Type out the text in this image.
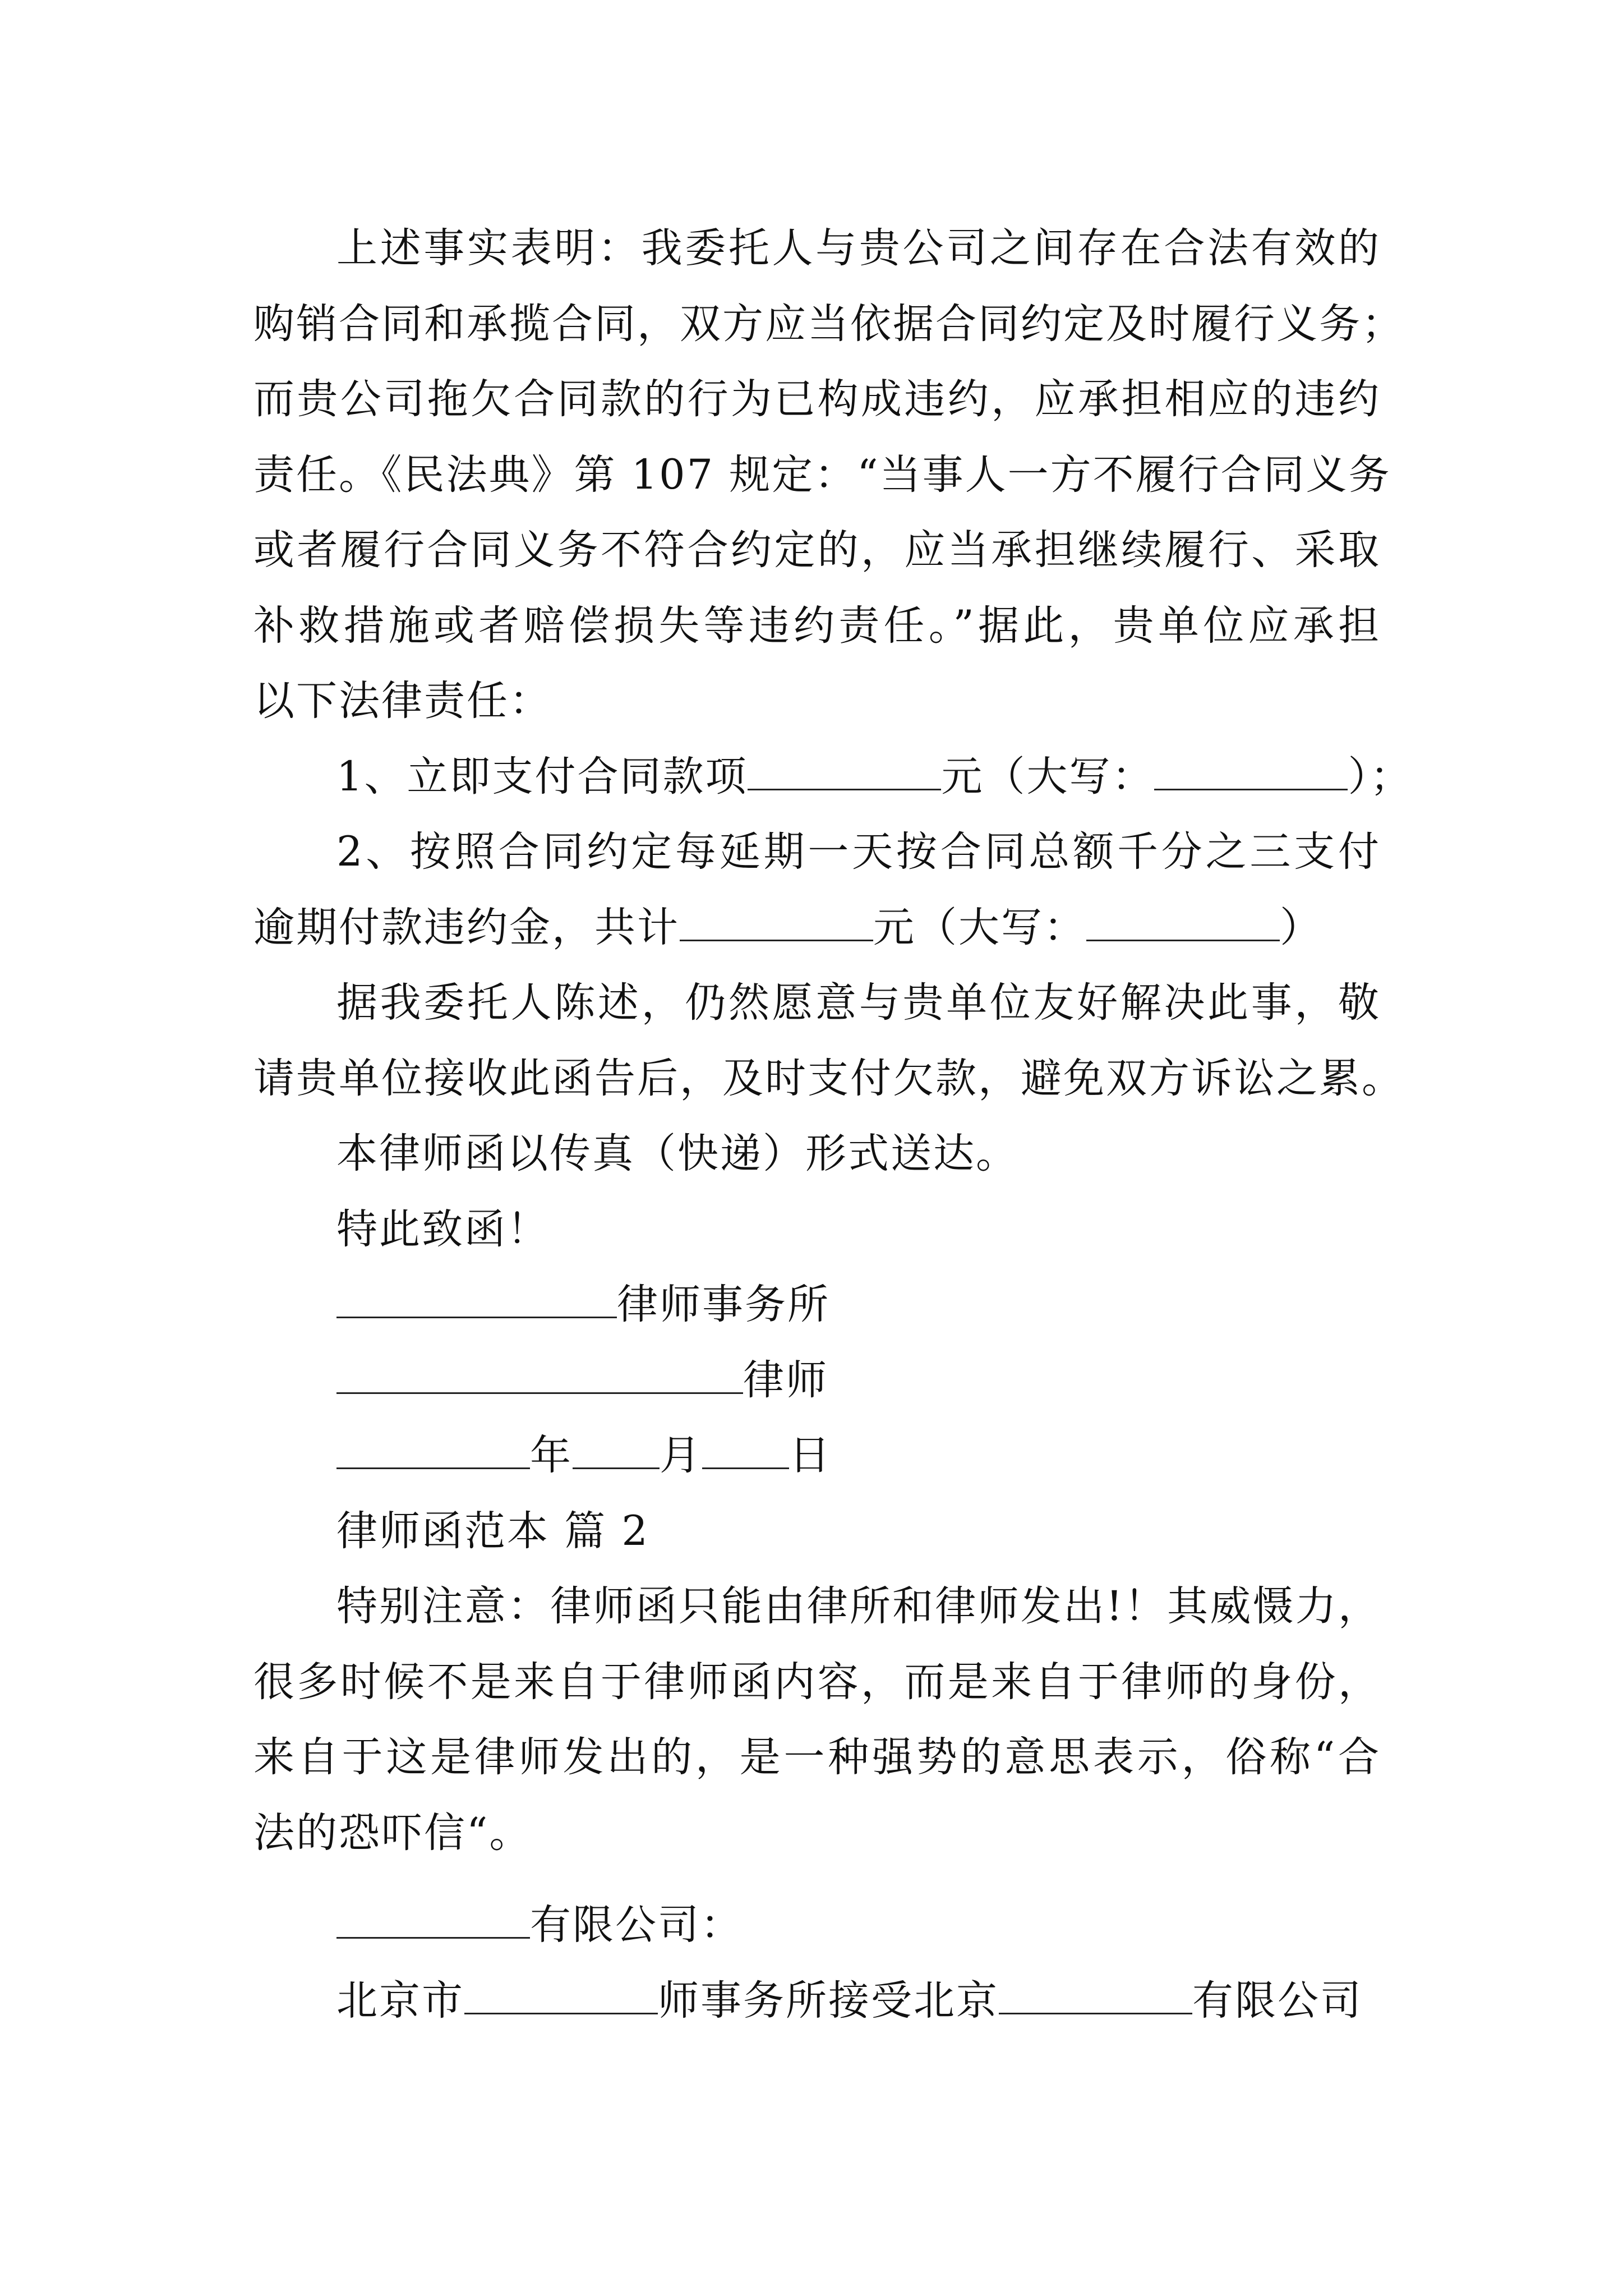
上述事实表明：我委托人与贵公司之间存在合法有效的
购销合同和承揽合同，双方应当依据合同约定及时履行义务；
而贵公司拖欠合同款的行为已构成违约，应承担相应的违约
责任。《民法典》第 107 规定：“当事人一方不履行合同义务
或者履行合同义务不符合约定的，应当承担继续履行、采取
补救措施或者赔偿损失等违约责任。”据此，贵单位应承担
以下法律责任：
1、立即支付合同款项	元（大写：	）；
2、按照合同约定每延期一天按合同总额千分之三支付
逾期付款违约金，共计	元（大写：	）
据我委托人陈述，仍然愿意与贵单位友好解决此事，敬
请贵单位接收此函告后，及时支付欠款，避免双方诉讼之累。
本律师函以传真（快递）形式送达。
特此致函！
律师事务所
律师
年 月 日
律师函范本 篇 2
特别注意：律师函只能由律所和律师发出!！其威慑力，
很多时候不是来自于律师函内容，而是来自于律师的身份，
来自于这是律师发出的，是一种强势的意思表示，俗称“合
法的恐吓信“。
有限公司：
北京市	师事务所接受北京	有限公司
